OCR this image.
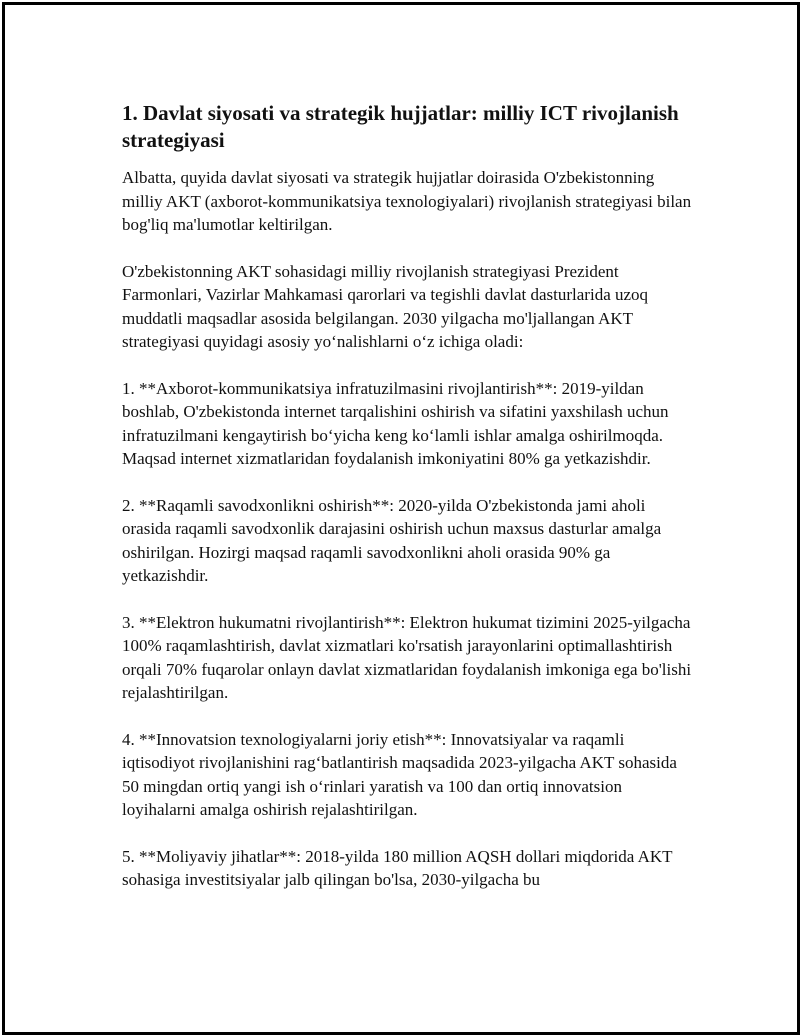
1. Davlat siyosati va strategik hujjatlar: milliy ICT rivojlanish strategiyasi

Albatta, quyida davlat siyosati va strategik hujjatlar doirasida O'zbekistonning milliy AKT (axborot-kommunikatsiya texnologiyalari) rivojlanish strategiyasi bilan bog'liq ma'lumotlar keltirilgan.

O'zbekistonning AKT sohasidagi milliy rivojlanish strategiyasi Prezident Farmonlari, Vazirlar Mahkamasi qarorlari va tegishli davlat dasturlarida uzoq muddatli maqsadlar asosida belgilangan. 2030 yilgacha mo'ljallangan AKT strategiyasi quyidagi asosiy yo‘nalishlarni o‘z ichiga oladi:

1. **Axborot-kommunikatsiya infratuzilmasini rivojlantirish**: 2019-yildan boshlab, O'zbekistonda internet tarqalishini oshirish va sifatini yaxshilash uchun infratuzilmani kengaytirish bo‘yicha keng ko‘lamli ishlar amalga oshirilmoqda. Maqsad internet xizmatlaridan foydalanish imkoniyatini 80% ga yetkazishdir.

2. **Raqamli savodxonlikni oshirish**: 2020-yilda O'zbekistonda jami aholi orasida raqamli savodxonlik darajasini oshirish uchun maxsus dasturlar amalga oshirilgan. Hozirgi maqsad raqamli savodxonlikni aholi orasida 90% ga yetkazishdir.

3. **Elektron hukumatni rivojlantirish**: Elektron hukumat tizimini 2025-yilgacha 100% raqamlashtirish, davlat xizmatlari ko'rsatish jarayonlarini optimallashtirish orqali 70% fuqarolar onlayn davlat xizmatlaridan foydalanish imkoniga ega bo'lishi rejalashtirilgan.

4. **Innovatsion texnologiyalarni joriy etish**: Innovatsiyalar va raqamli iqtisodiyot rivojlanishini rag‘batlantirish maqsadida 2023-yilgacha AKT sohasida 50 mingdan ortiq yangi ish o‘rinlari yaratish va 100 dan ortiq innovatsion loyihalarni amalga oshirish rejalashtirilgan.

5. **Moliyaviy jihatlar**: 2018-yilda 180 million AQSH dollari miqdorida AKT sohasiga investitsiyalar jalb qilingan bo'lsa, 2030-yilgacha bu
